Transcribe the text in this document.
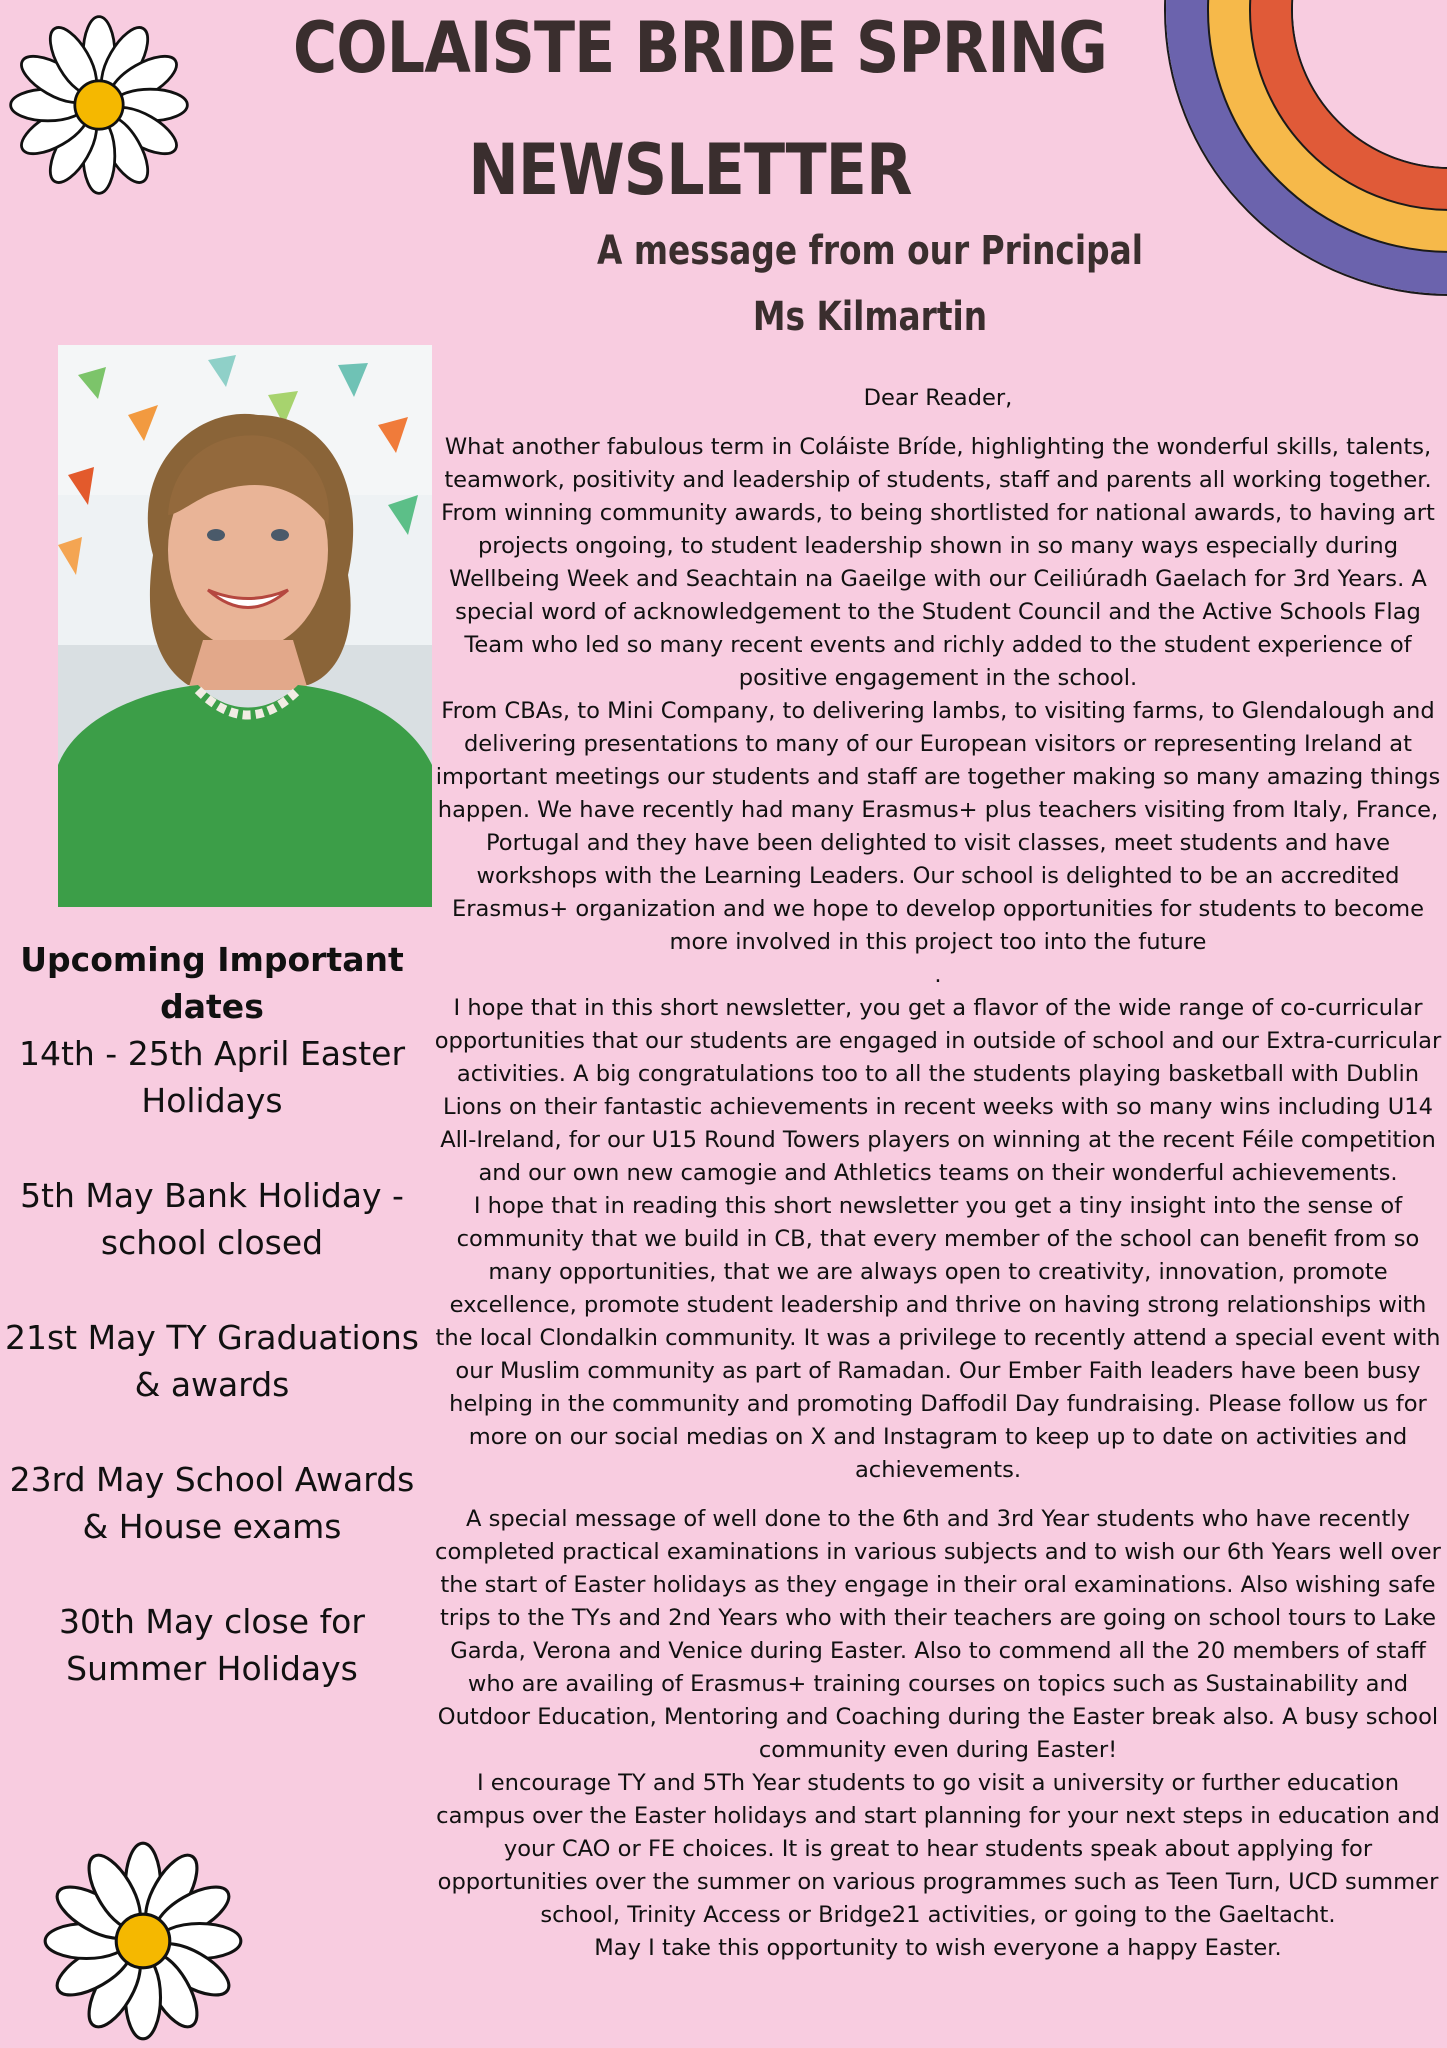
COLAISTE BRIDE SPRING
NEWSLETTER
A message from our Principal
Ms Kilmartin
Upcoming Important dates
14th - 25th April Easter Holidays
5th May Bank Holiday - school closed
21st May TY Graduations & awards
23rd May School Awards & House exams
30th May close for Summer Holidays

Dear Reader,

What another fabulous term in Coláiste Bríde, highlighting the wonderful skills, talents, teamwork, positivity and leadership of students, staff and parents all working together. From winning community awards, to being shortlisted for national awards, to having art projects ongoing, to student leadership shown in so many ways especially during Wellbeing Week and Seachtain na Gaeilge with our Ceiliúradh Gaelach for 3rd Years. A special word of acknowledgement to the Student Council and the Active Schools Flag Team who led so many recent events and richly added to the student experience of positive engagement in the school.

From CBAs, to Mini Company, to delivering lambs, to visiting farms, to Glendalough and delivering presentations to many of our European visitors or representing Ireland at important meetings our students and staff are together making so many amazing things happen. We have recently had many Erasmus+ plus teachers visiting from Italy, France, Portugal and they have been delighted to visit classes, meet students and have workshops with the Learning Leaders. Our school is delighted to be an accredited Erasmus+ organization and we hope to develop opportunities for students to become more involved in this project too into the future

.

I hope that in this short newsletter, you get a flavor of the wide range of co-curricular opportunities that our students are engaged in outside of school and our Extra-curricular activities. A big congratulations too to all the students playing basketball with Dublin Lions on their fantastic achievements in recent weeks with so many wins including U14 All-Ireland, for our U15 Round Towers players on winning at the recent Féile competition and our own new camogie and Athletics teams on their wonderful achievements.

I hope that in reading this short newsletter you get a tiny insight into the sense of community that we build in CB, that every member of the school can benefit from so many opportunities, that we are always open to creativity, innovation, promote excellence, promote student leadership and thrive on having strong relationships with the local Clondalkin community. It was a privilege to recently attend a special event with our Muslim community as part of Ramadan. Our Ember Faith leaders have been busy helping in the community and promoting Daffodil Day fundraising. Please follow us for more on our social medias on X and Instagram to keep up to date on activities and achievements.

A special message of well done to the 6th and 3rd Year students who have recently completed practical examinations in various subjects and to wish our 6th Years well over the start of Easter holidays as they engage in their oral examinations. Also wishing safe trips to the TYs and 2nd Years who with their teachers are going on school tours to Lake Garda, Verona and Venice during Easter. Also to commend all the 20 members of staff who are availing of Erasmus+ training courses on topics such as Sustainability and Outdoor Education, Mentoring and Coaching during the Easter break also. A busy school community even during Easter!

I encourage TY and 5Th Year students to go visit a university or further education campus over the Easter holidays and start planning for your next steps in education and your CAO or FE choices. It is great to hear students speak about applying for opportunities over the summer on various programmes such as Teen Turn, UCD summer school, Trinity Access or Bridge21 activities, or going to the Gaeltacht.

May I take this opportunity to wish everyone a happy Easter.
